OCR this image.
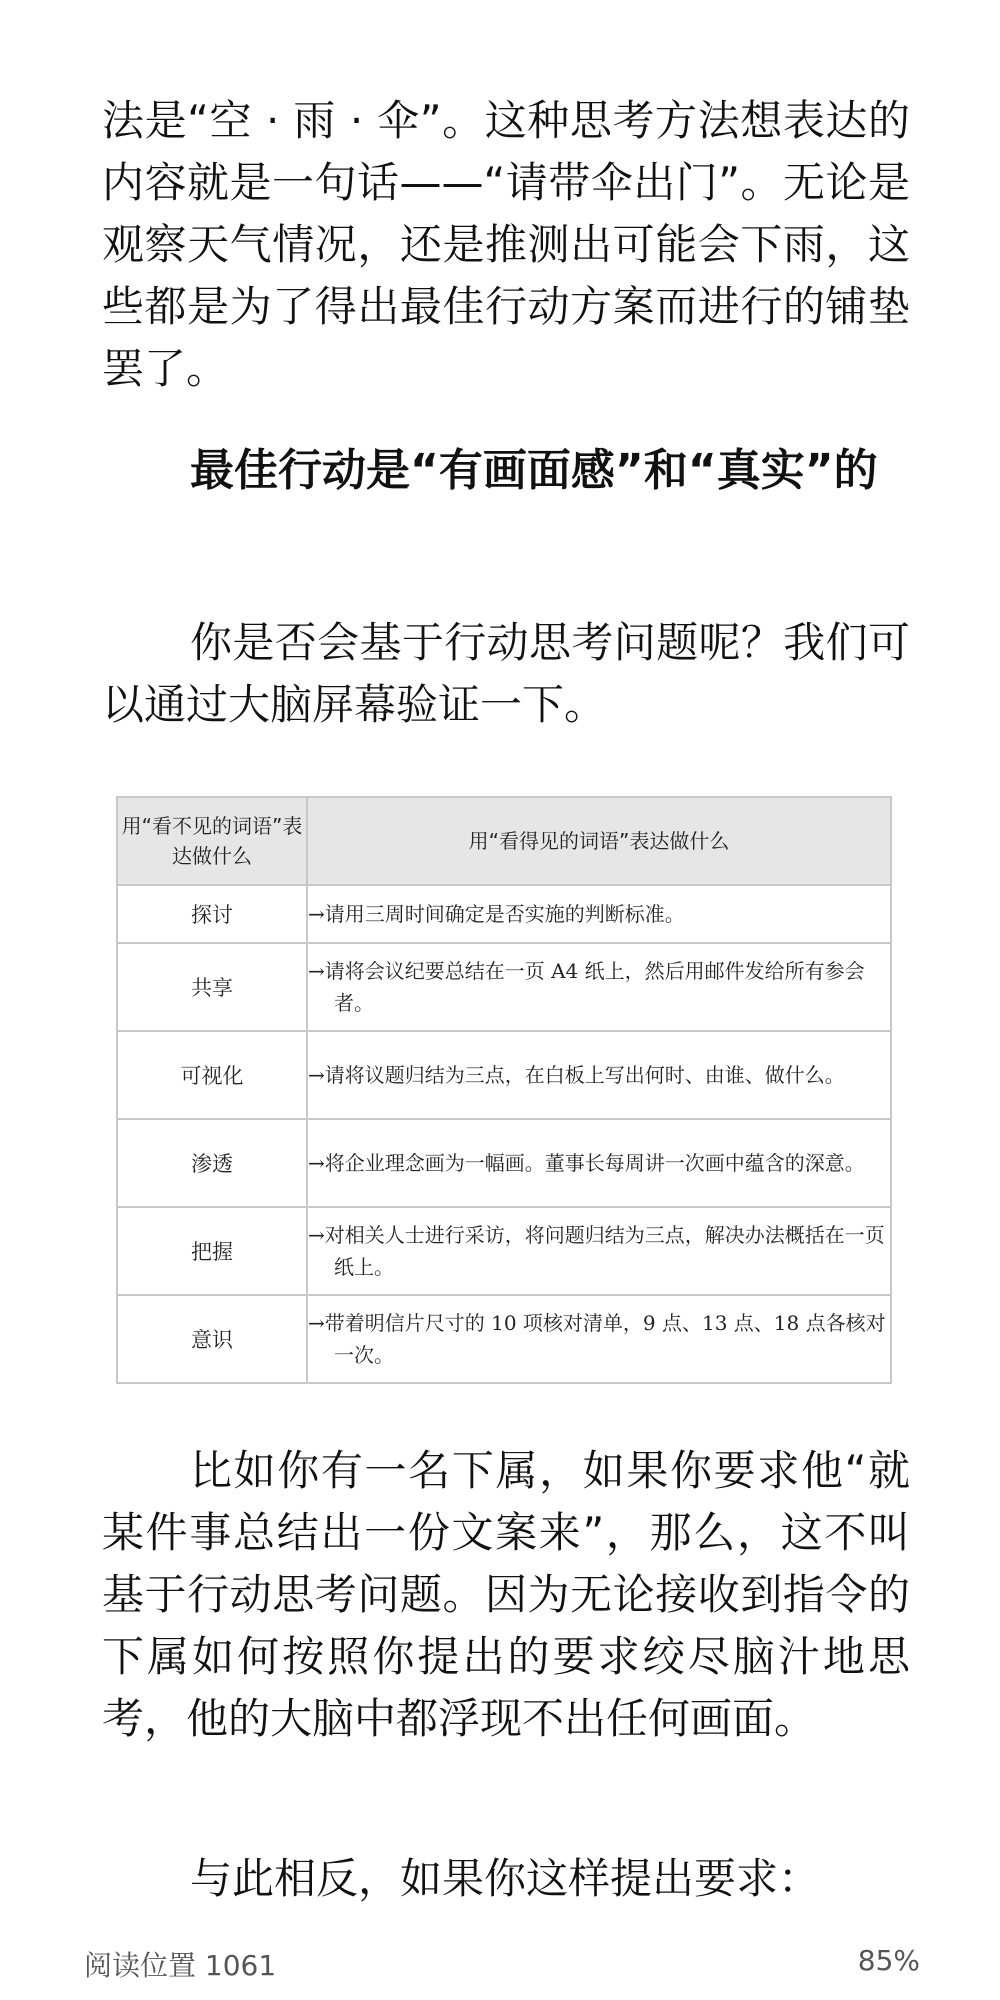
法是“空 · 雨 · 伞”。这种思考方法想表达的内容就是一句话——“请带伞出门”。无论是观察天气情况，还是推测出可能会下雨，这些都是为了得出最佳行动方案而进行的铺垫罢了。

最佳行动是“有画面感”和“真实”的

你是否会基于行动思考问题呢？我们可以通过大脑屏幕验证一下。

用“看不见的词语”表达做什么	用“看得见的词语”表达做什么
探讨	→请用三周时间确定是否实施的判断标准。

共享	→请将会议纪要总结在一页 A4 纸上，然后用邮件发给所有参会者。

可视化	→请将议题归结为三点，在白板上写出何时、由谁、做什么。

渗透	→将企业理念画为一幅画。董事长每周讲一次画中蕴含的深意。

把握	→对相关人士进行采访，将问题归结为三点，解决办法概括在一页纸上。

意识	→带着明信片尺寸的 10 项核对清单，9 点、13 点、18 点各核对一次。

比如你有一名下属，如果你要求他“就某件事总结出一份文案来”，那么，这不叫基于行动思考问题。因为无论接收到指令的下属如何按照你提出的要求绞尽脑汁地思考，他的大脑中都浮现不出任何画面。

与此相反，如果你这样提出要求：

阅读位置 1061	85%
